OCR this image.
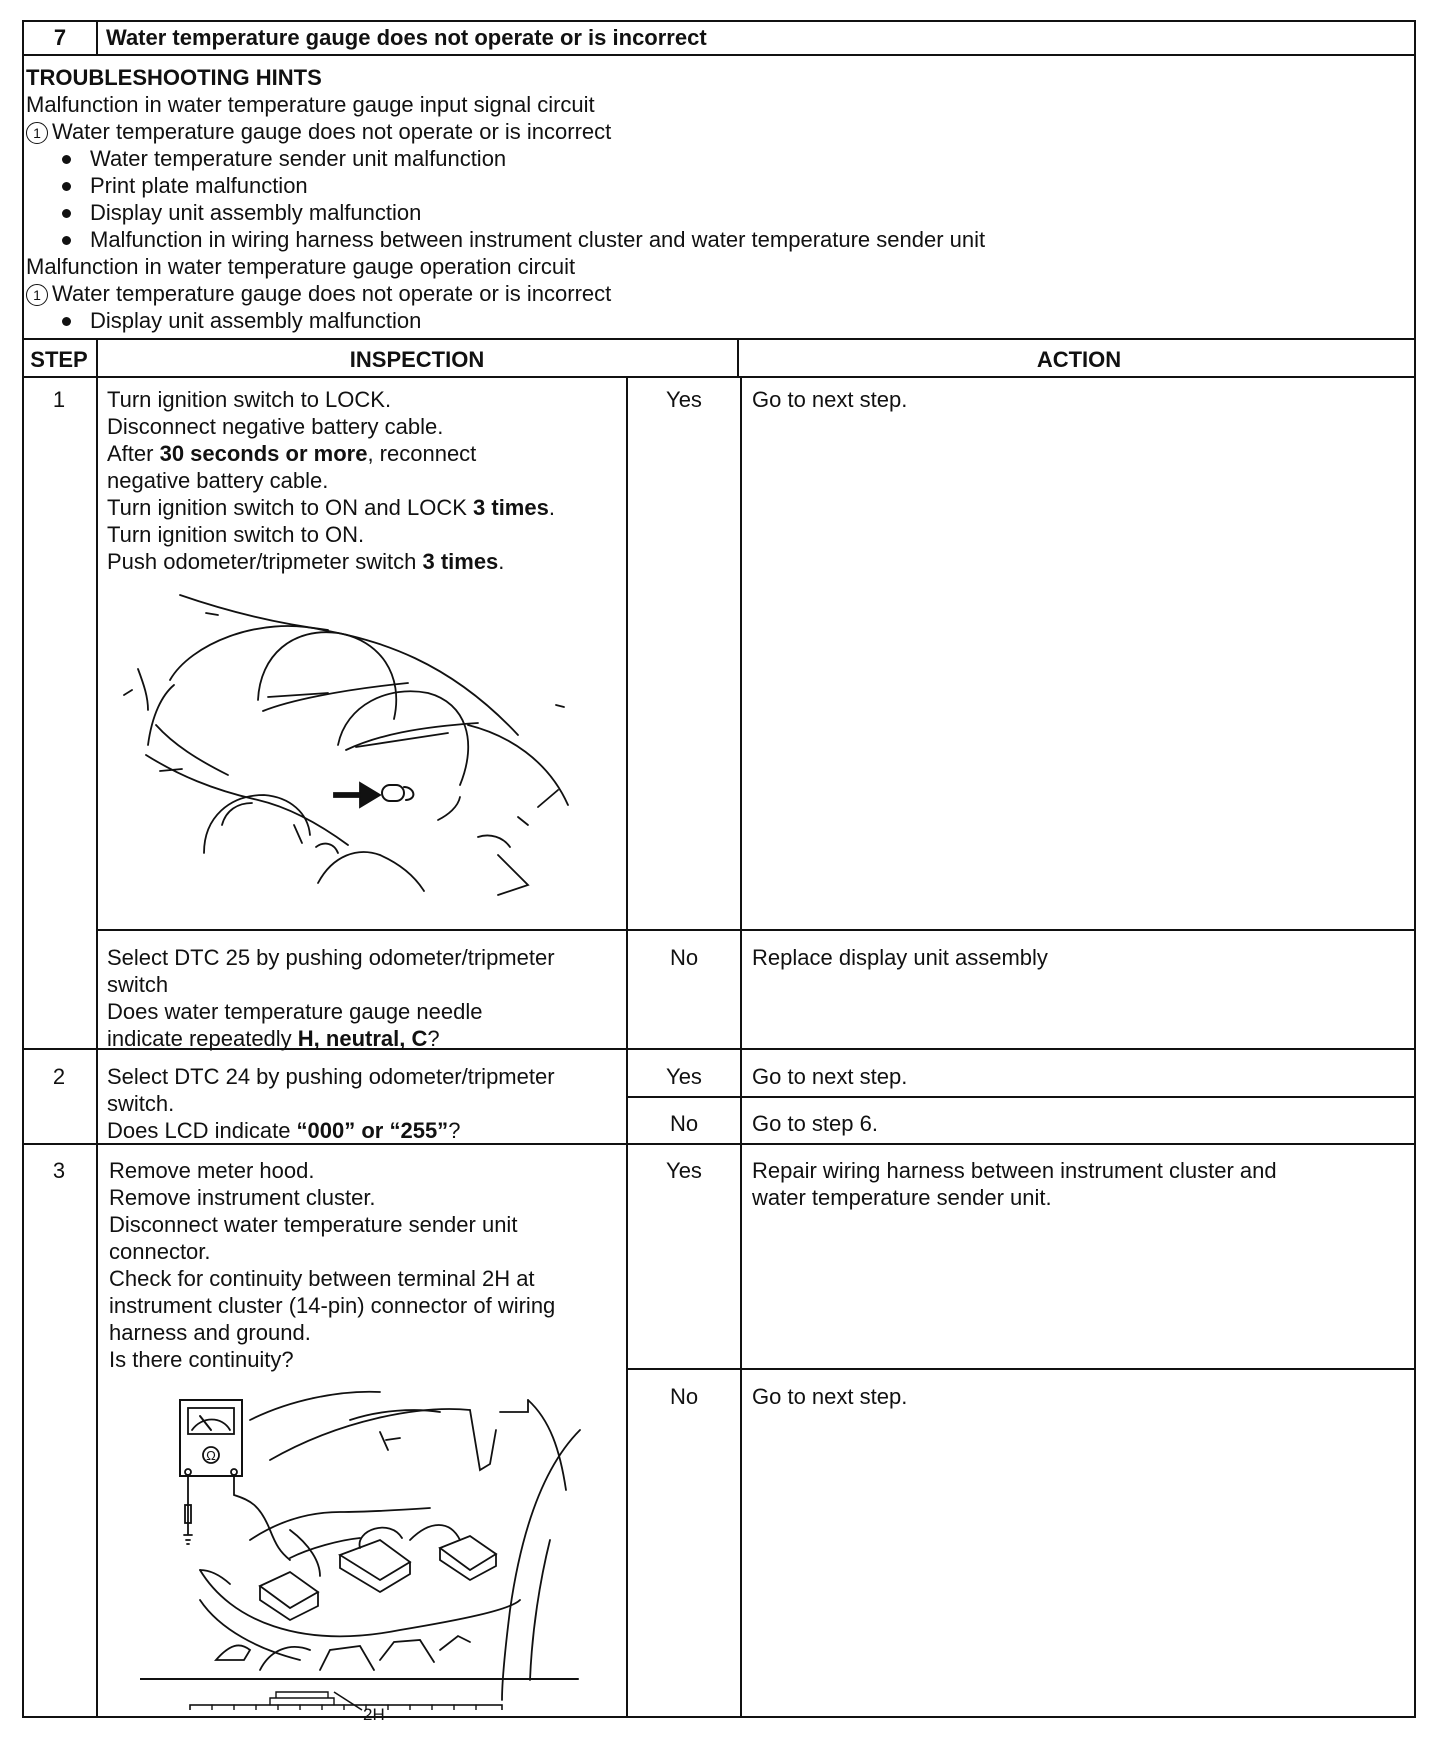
7	Water temperature gauge does not operate or is incorrect
TROUBLESHOOTING HINTS
Malfunction in water temperature gauge input signal circuit
1 Water temperature gauge does not operate or is incorrect
Water temperature sender unit malfunction
Print plate malfunction
Display unit assembly malfunction
Malfunction in wiring harness between instrument cluster and water temperature sender unit
Malfunction in water temperature gauge operation circuit
1 Water temperature gauge does not operate or is incorrect
Display unit assembly malfunction
STEP	INSPECTION	ACTION
1	Turn ignition switch to LOCK.
Disconnect negative battery cable.
After 30 seconds or more, reconnect
negative battery cable.
Turn ignition switch to ON and LOCK 3 times.
Turn ignition switch to ON.
Push odometer/tripmeter switch 3 times.
Yes	Go to next step.
Select DTC 25 by pushing odometer/tripmeter
switch
Does water temperature gauge needle
indicate repeatedly H, neutral, C?
No	Replace display unit assembly
2	Select DTC 24 by pushing odometer/tripmeter
switch.
Does LCD indicate “000” or “255”?
Yes	Go to next step.
No	Go to step 6.
3	Remove meter hood.
Remove instrument cluster.
Disconnect water temperature sender unit
connector.
Check for continuity between terminal 2H at
instrument cluster (14-pin) connector of wiring
harness and ground.
Is there continuity?
Ω
2H
Yes	Repair wiring harness between instrument cluster and
water temperature sender unit.
No	Go to next step.
